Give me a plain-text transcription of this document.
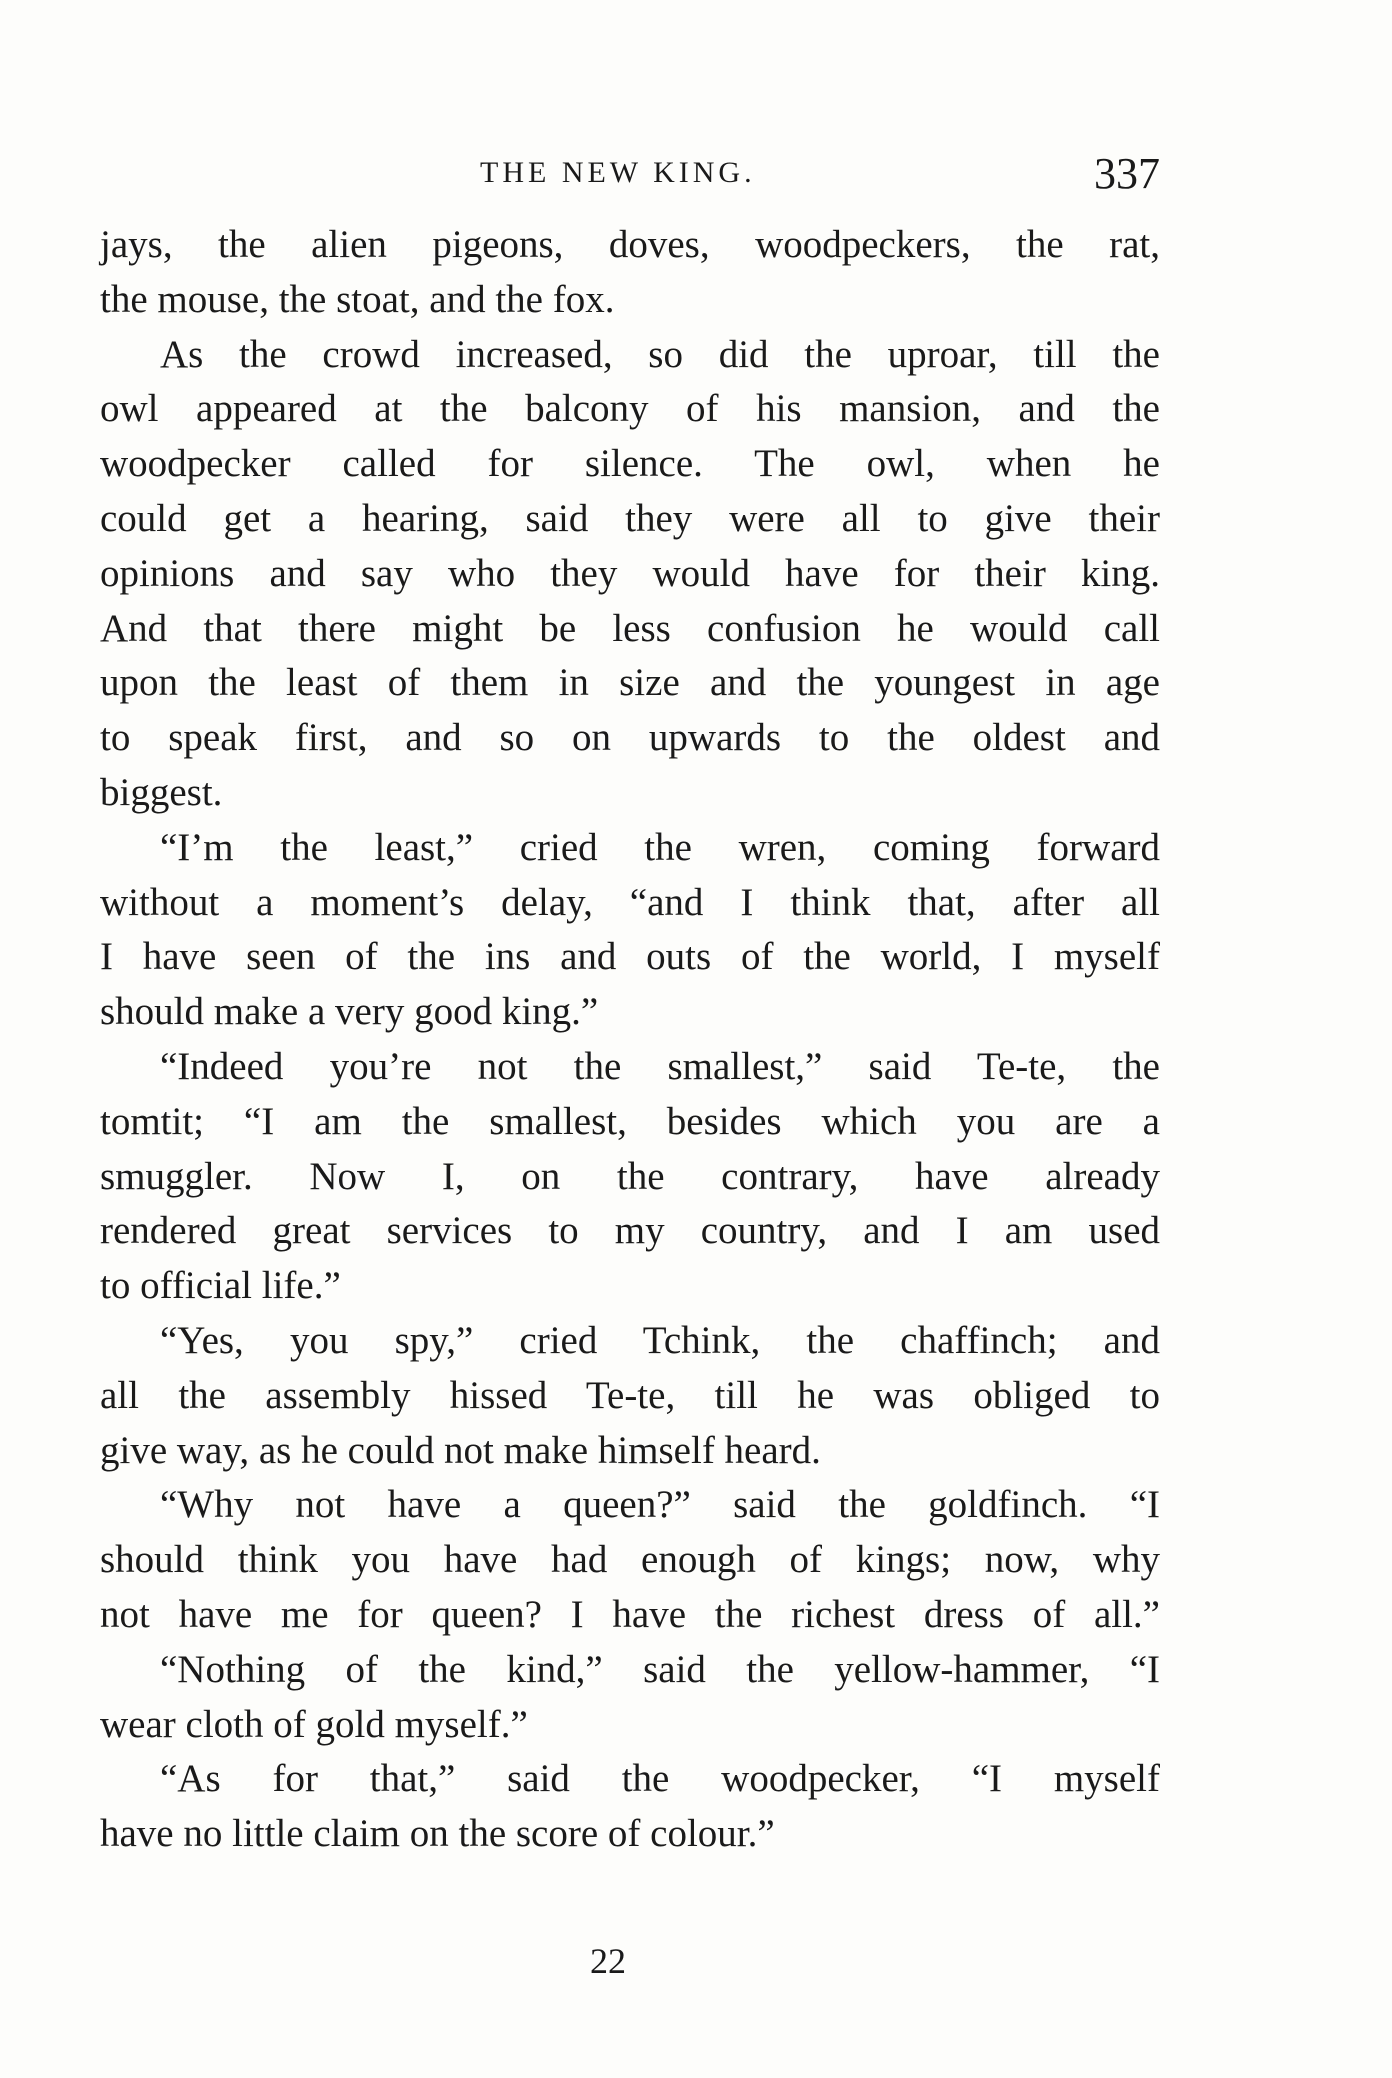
THE NEW KING.	337
jays, the alien pigeons, doves, woodpeckers, the rat,
the mouse, the stoat, and the fox.
As the crowd increased, so did the uproar, till the
owl appeared at the balcony of his mansion, and the
woodpecker called for silence. The owl, when he
could get a hearing, said they were all to give their
opinions and say who they would have for their king.
And that there might be less confusion he would call
upon the least of them in size and the youngest in age
to speak first, and so on upwards to the oldest and
biggest.
“I’m the least,” cried the wren, coming forward
without a moment’s delay, “and I think that, after all
I have seen of the ins and outs of the world, I myself
should make a very good king.”
“Indeed you’re not the smallest,” said Te-te, the
tomtit; “I am the smallest, besides which you are a
smuggler. Now I, on the contrary, have already
rendered great services to my country, and I am used
to official life.”
“Yes, you spy,” cried Tchink, the chaffinch; and
all the assembly hissed Te-te, till he was obliged to
give way, as he could not make himself heard.
“Why not have a queen?” said the goldfinch. “I
should think you have had enough of kings; now, why
not have me for queen? I have the richest dress of all.”
“Nothing of the kind,” said the yellow-hammer, “I
wear cloth of gold myself.”
“As for that,” said the woodpecker, “I myself
have no little claim on the score of colour.”
22
